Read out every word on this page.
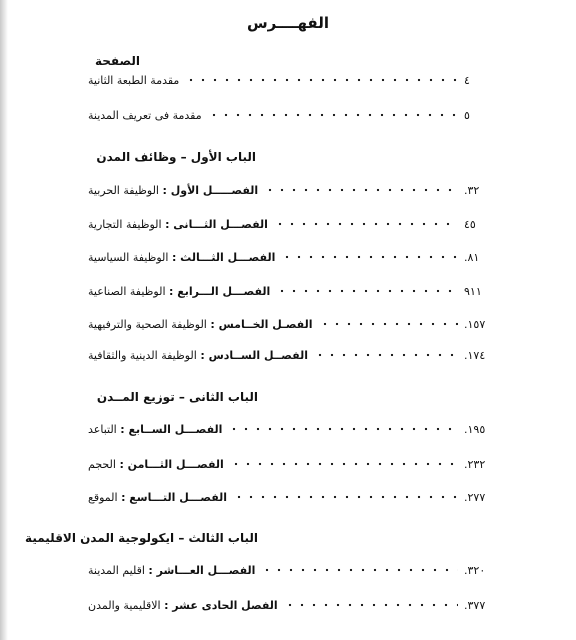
الفهــــرس
الصفحة
مقدمة الطبعة الثانية	٤
مقدمة فى تعريف المدينة	٥
الباب الأول – وظائف المدن
الفصـــــل الأول : الوظيفة الحربية	٣٢.
الفصـــل الثـــانى : الوظيفة التجارية	٤٥
الفصـــل الثـــالث : الوظيفة السياسية	٨١.
الفصـــل الـــرابع : الوظيفة الصناعية	٩١١
الفصـل الخــامس : الوظيفة الصحية والترفيهية	١٥٧.
الفصــل الســادس : الوظيفة الدينية والثقافية	١٧٤.
الباب الثانى – توزيع المــدن
الفصـــل الســابع : التباعد	١٩٥.
الفصـــل الثـــامن : الحجم	٢٣٢.
الفصـــل التـــاسع : الموقع	٢٧٧.
الباب الثالث – ايكولوجية المدن الاقليمية
الفصـــل العـــاشر : اقليم المدينة	٣٢٠.
الفصل الحادى عشر : الاقليمية والمدن	٣٧٧.
